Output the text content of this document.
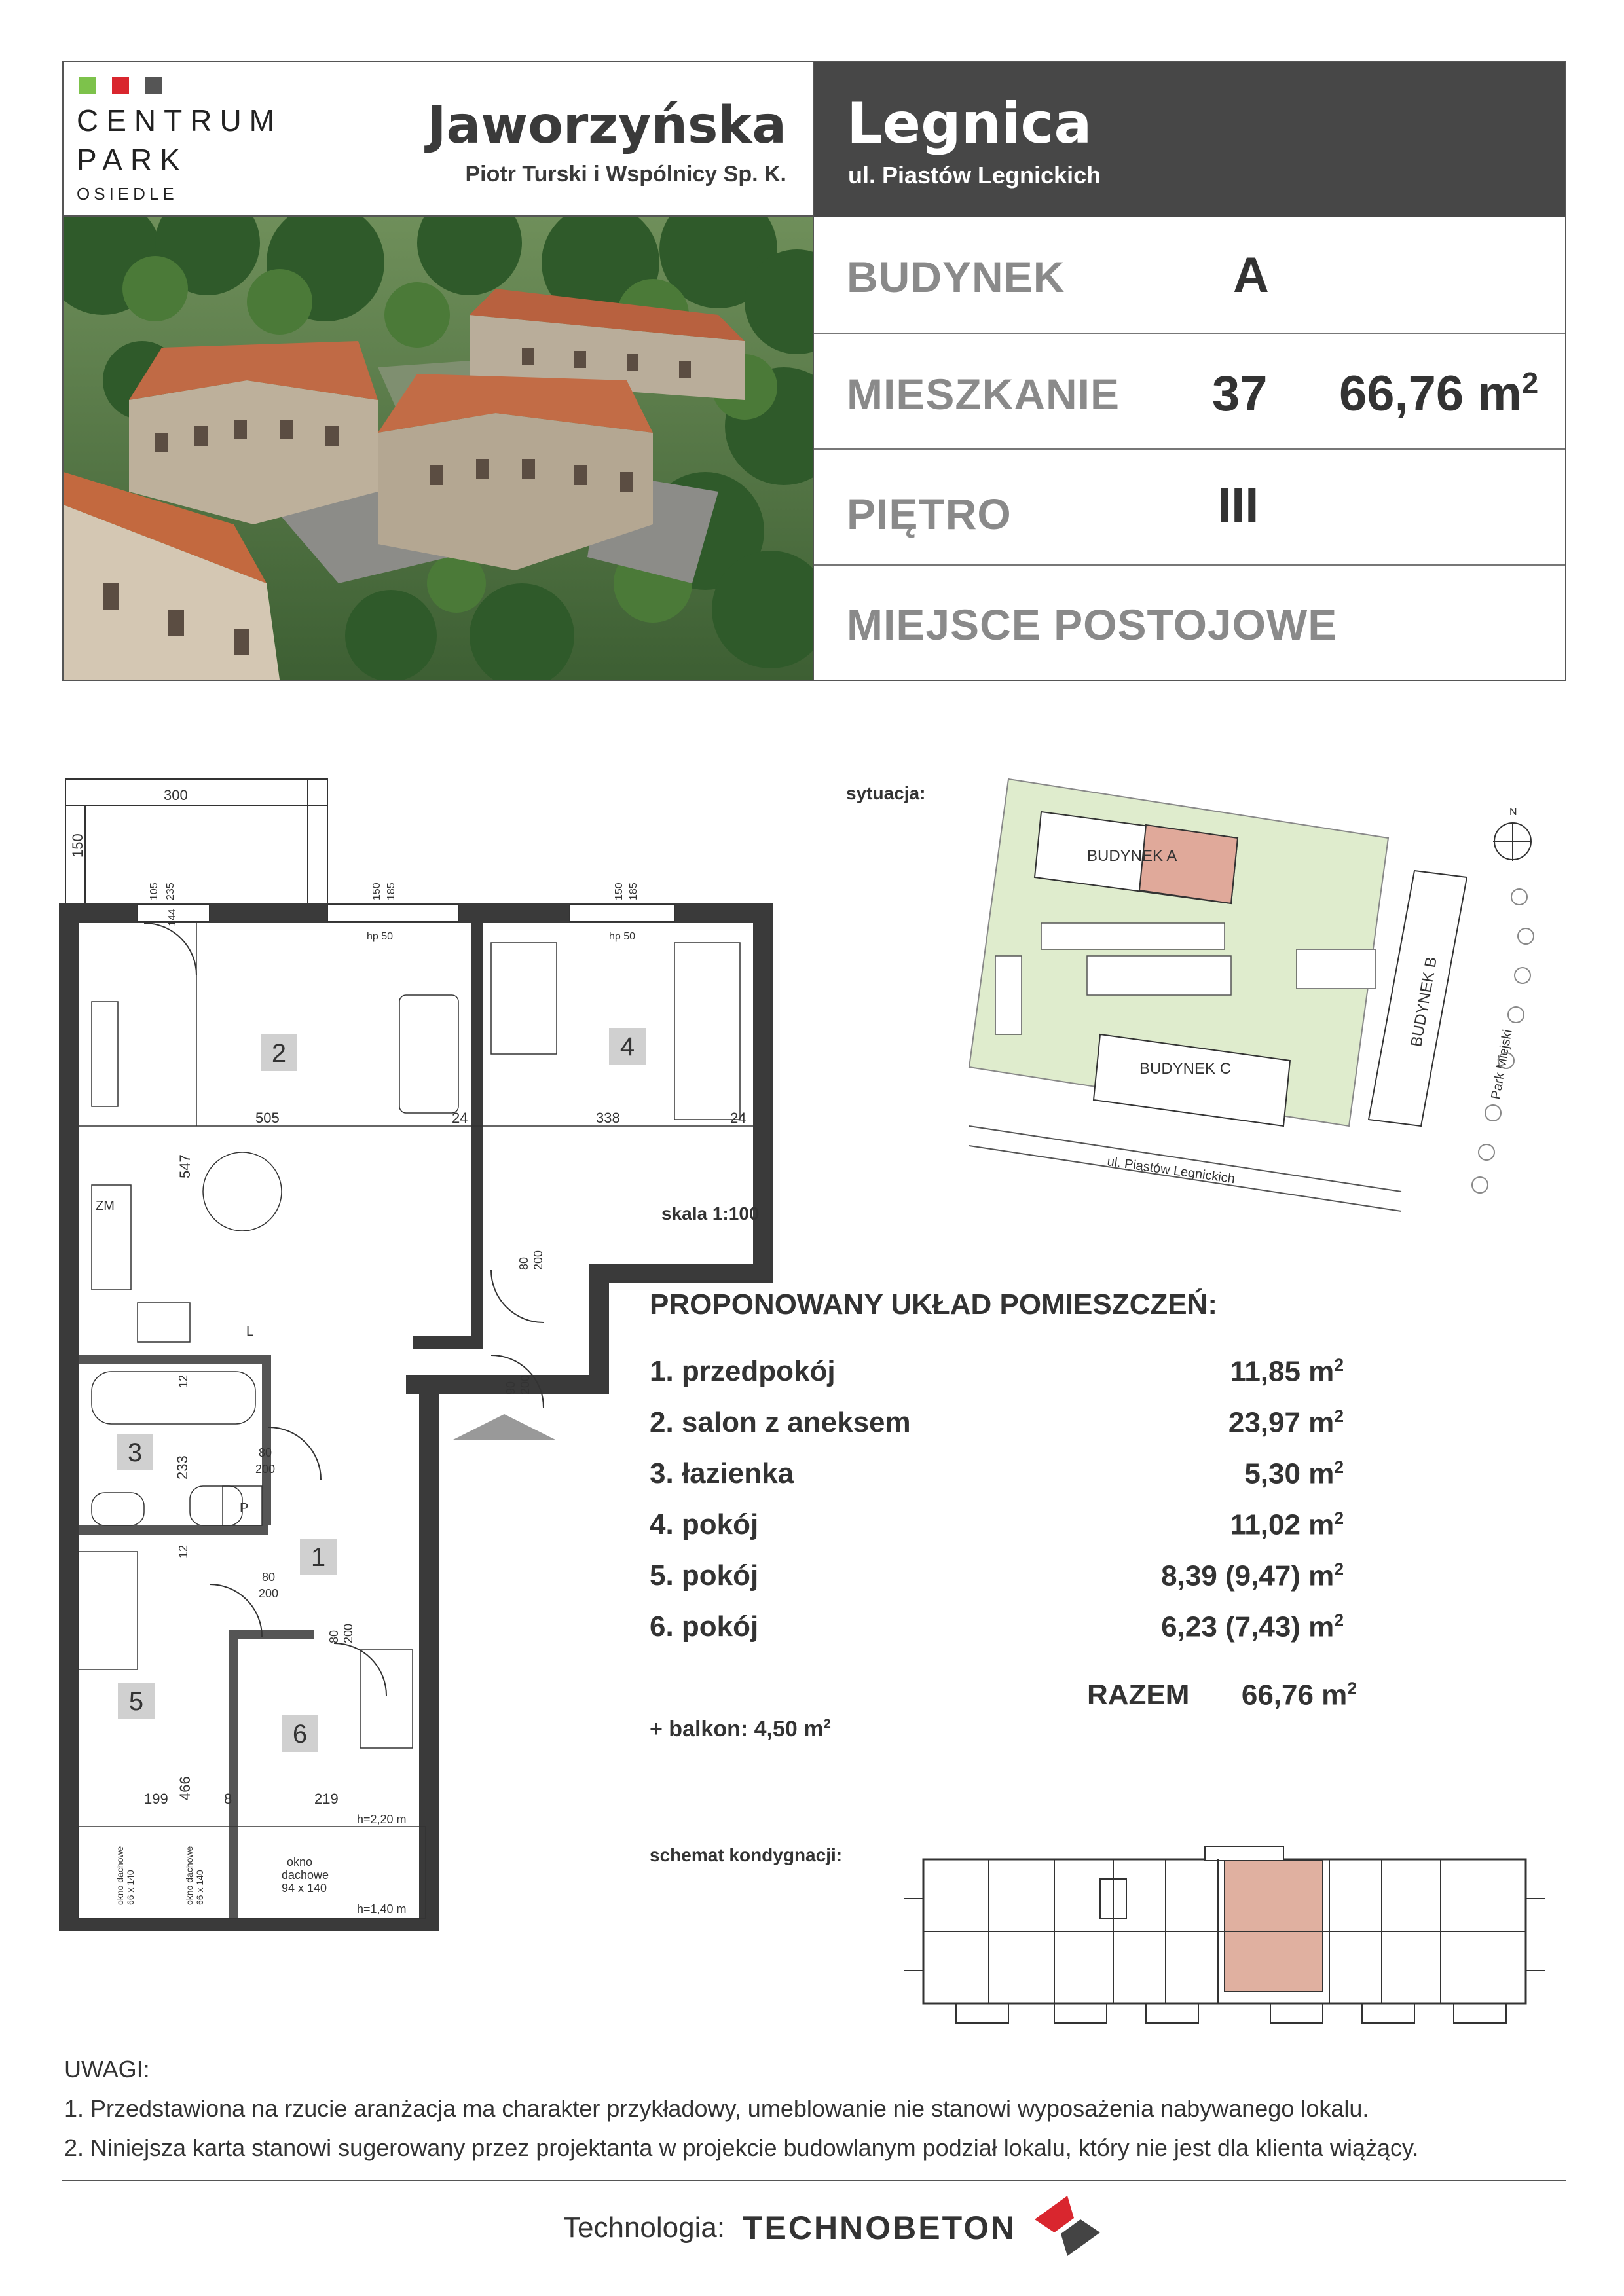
CENTRUM
PARK
OSIEDLE
Jaworzyńska
Piotr Turski i Wspólnicy Sp. K.
Legnica
ul. Piastów Legnickich
BUDYNEK	A
MIESZKANIE 37 66,76 $m^2$
PIĘTRO	III
MIEJSCE POSTOJOWE
300
150
105 235
144
150 185	150 185
hp 50	hp 50
505	24	338	24
547
12
233
12
466
199	8	219
80
200
80
200
80 200
90 200
80 200
ZM
L
P
h=2,20 m
h=1,40 m
okno
dachowe
94 x 140
okno dachowe 66 x 140	okno dachowe 66 x 140
1
2
3
4
5
6
skala 1:100
sytuacja:
BUDYNEK A
BUDYNEK C
BUDYNEK B
Park Miejski
ul. Piastów Legnickich
N
PROPONOWANY UKŁAD POMIESZCZEŃ:
1. przedpokój	11,85 $m^2$
2. salon z aneksem	23,97 $m^2$
3. łazienka	5,30 $m^2$
4. pokój	11,02 $m^2$
5. pokój	8,39 (9,47) $m^2$
6. pokój	6,23 (7,43) $m^2$
RAZEM 66,76 $m^2$
+ balkon: 4,50 $m^2$
schemat kondygnacji:
UWAGI:
1. Przedstawiona na rzucie aranżacja ma charakter przykładowy, umeblowanie nie stanowi wyposażenia nabywanego lokalu.
2. Niniejsza karta stanowi sugerowany przez projektanta w projekcie budowlanym podział lokalu, który nie jest dla klienta wiążący.
Technologia: TECHNOBETON
